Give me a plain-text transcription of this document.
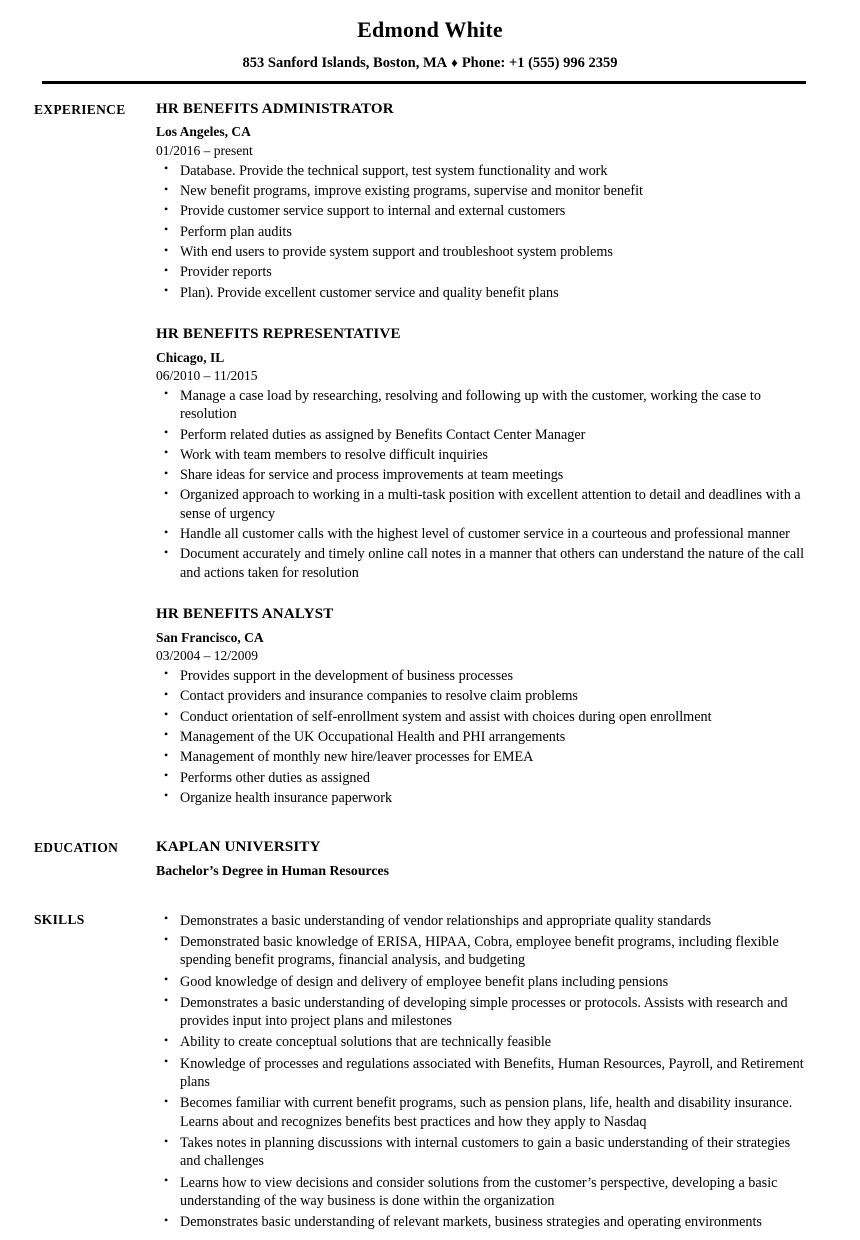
Edmond White
853 Sanford Islands, Boston, MA ♦ Phone: +1 (555) 996 2359
EXPERIENCE	HR BENEFITS ADMINISTRATOR
Los Angeles, CA
01/2016 – present
• Database. Provide the technical support, test system functionality and work
• New benefit programs, improve existing programs, supervise and monitor benefit
• Provide customer service support to internal and external customers
• Perform plan audits
• With end users to provide system support and troubleshoot system problems
• Provider reports
• Plan). Provide excellent customer service and quality benefit plans
HR BENEFITS REPRESENTATIVE
Chicago, IL
06/2010 – 11/2015
• Manage a case load by researching, resolving and following up with the customer, working the case to resolution
• Perform related duties as assigned by Benefits Contact Center Manager
• Work with team members to resolve difficult inquiries
• Share ideas for service and process improvements at team meetings
• Organized approach to working in a multi-task position with excellent attention to detail and deadlines with a sense of urgency
• Handle all customer calls with the highest level of customer service in a courteous and professional manner
• Document accurately and timely online call notes in a manner that others can understand the nature of the call and actions taken for resolution
HR BENEFITS ANALYST
San Francisco, CA
03/2004 – 12/2009
• Provides support in the development of business processes
• Contact providers and insurance companies to resolve claim problems
• Conduct orientation of self-enrollment system and assist with choices during open enrollment
• Management of the UK Occupational Health and PHI arrangements
• Management of monthly new hire/leaver processes for EMEA
• Performs other duties as assigned
• Organize health insurance paperwork
EDUCATION	KAPLAN UNIVERSITY
Bachelor’s Degree in Human Resources
SKILLS	• Demonstrates a basic understanding of vendor relationships and appropriate quality standards
• Demonstrated basic knowledge of ERISA, HIPAA, Cobra, employee benefit programs, including flexible spending benefit programs, financial analysis, and budgeting
• Good knowledge of design and delivery of employee benefit plans including pensions
• Demonstrates a basic understanding of developing simple processes or protocols. Assists with research and provides input into project plans and milestones
• Ability to create conceptual solutions that are technically feasible
• Knowledge of processes and regulations associated with Benefits, Human Resources, Payroll, and Retirement plans
• Becomes familiar with current benefit programs, such as pension plans, life, health and disability insurance. Learns about and recognizes benefits best practices and how they apply to Nasdaq
• Takes notes in planning discussions with internal customers to gain a basic understanding of their strategies and challenges
• Learns how to view decisions and consider solutions from the customer’s perspective, developing a basic understanding of the way business is done within the organization
• Demonstrates basic understanding of relevant markets, business strategies and operating environments
